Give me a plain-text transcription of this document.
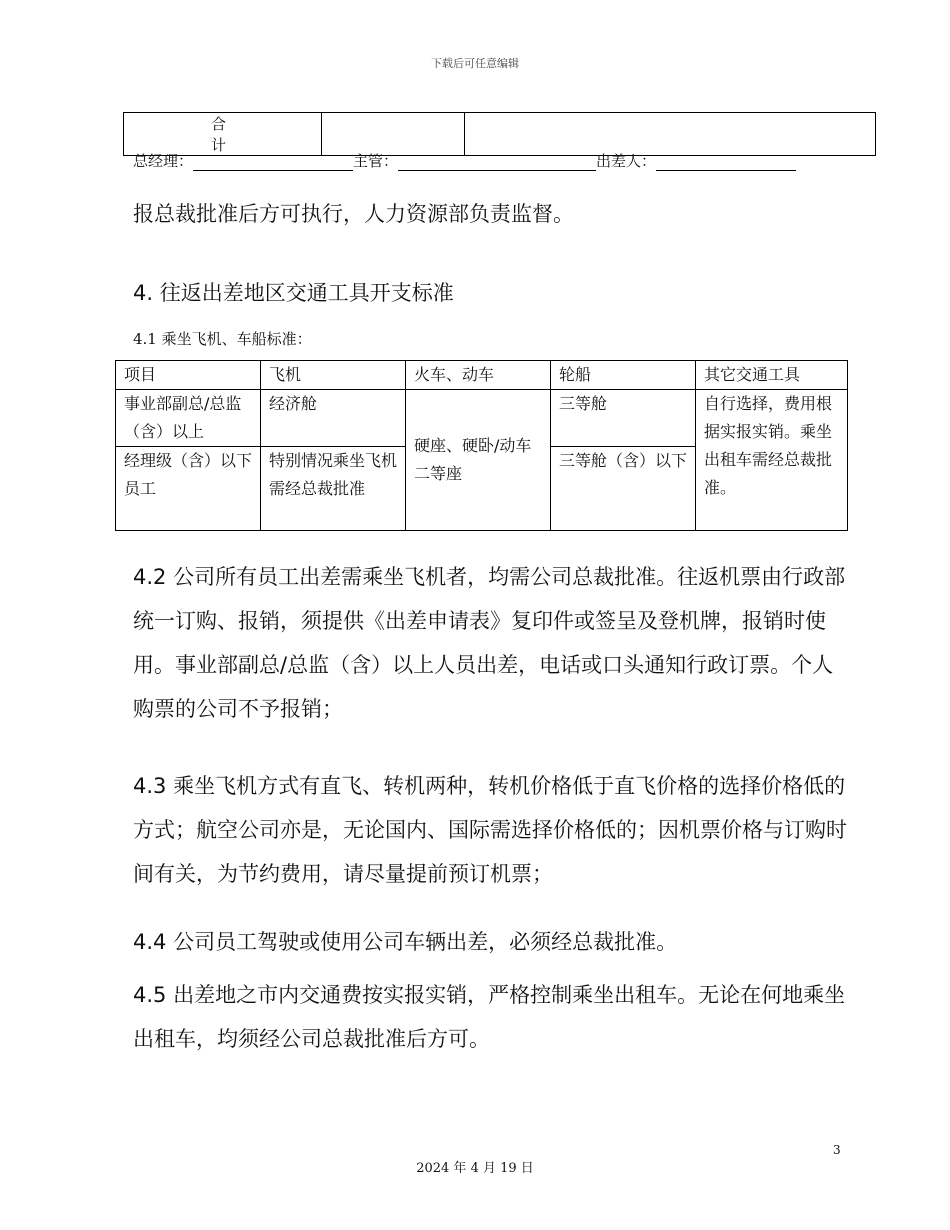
下载后可任意编辑
合 计		
总经理：	主管：	出差人：
报总裁批准后方可执行，人力资源部负责监督。
4. 往返出差地区交通工具开支标准
4.1 乘坐飞机、车船标准：
项目	飞机	火车、动车	轮船	其它交通工具
事业部副总/总监（含）以上	经济舱	硬座、硬卧/动车二等座	三等舱	自行选择，费用根据实报实销。乘坐出租车需经总裁批准。
经理级（含）以下员工	特别情况乘坐飞机需经总裁批准		三等舱（含）以下	
4.2 公司所有员工出差需乘坐飞机者，均需公司总裁批准。往返机票由行政部统一订购、报销，须提供《出差申请表》复印件或签呈及登机牌，报销时使用。事业部副总/总监（含）以上人员出差，电话或口头通知行政订票。个人购票的公司不予报销；
4.3 乘坐飞机方式有直飞、转机两种，转机价格低于直飞价格的选择价格低的方式；航空公司亦是，无论国内、国际需选择价格低的；因机票价格与订购时间有关，为节约费用，请尽量提前预订机票；
4.4 公司员工驾驶或使用公司车辆出差，必须经总裁批准。
4.5 出差地之市内交通费按实报实销，严格控制乘坐出租车。无论在何地乘坐出租车，均须经公司总裁批准后方可。
3
2024 年 4 月 19 日
